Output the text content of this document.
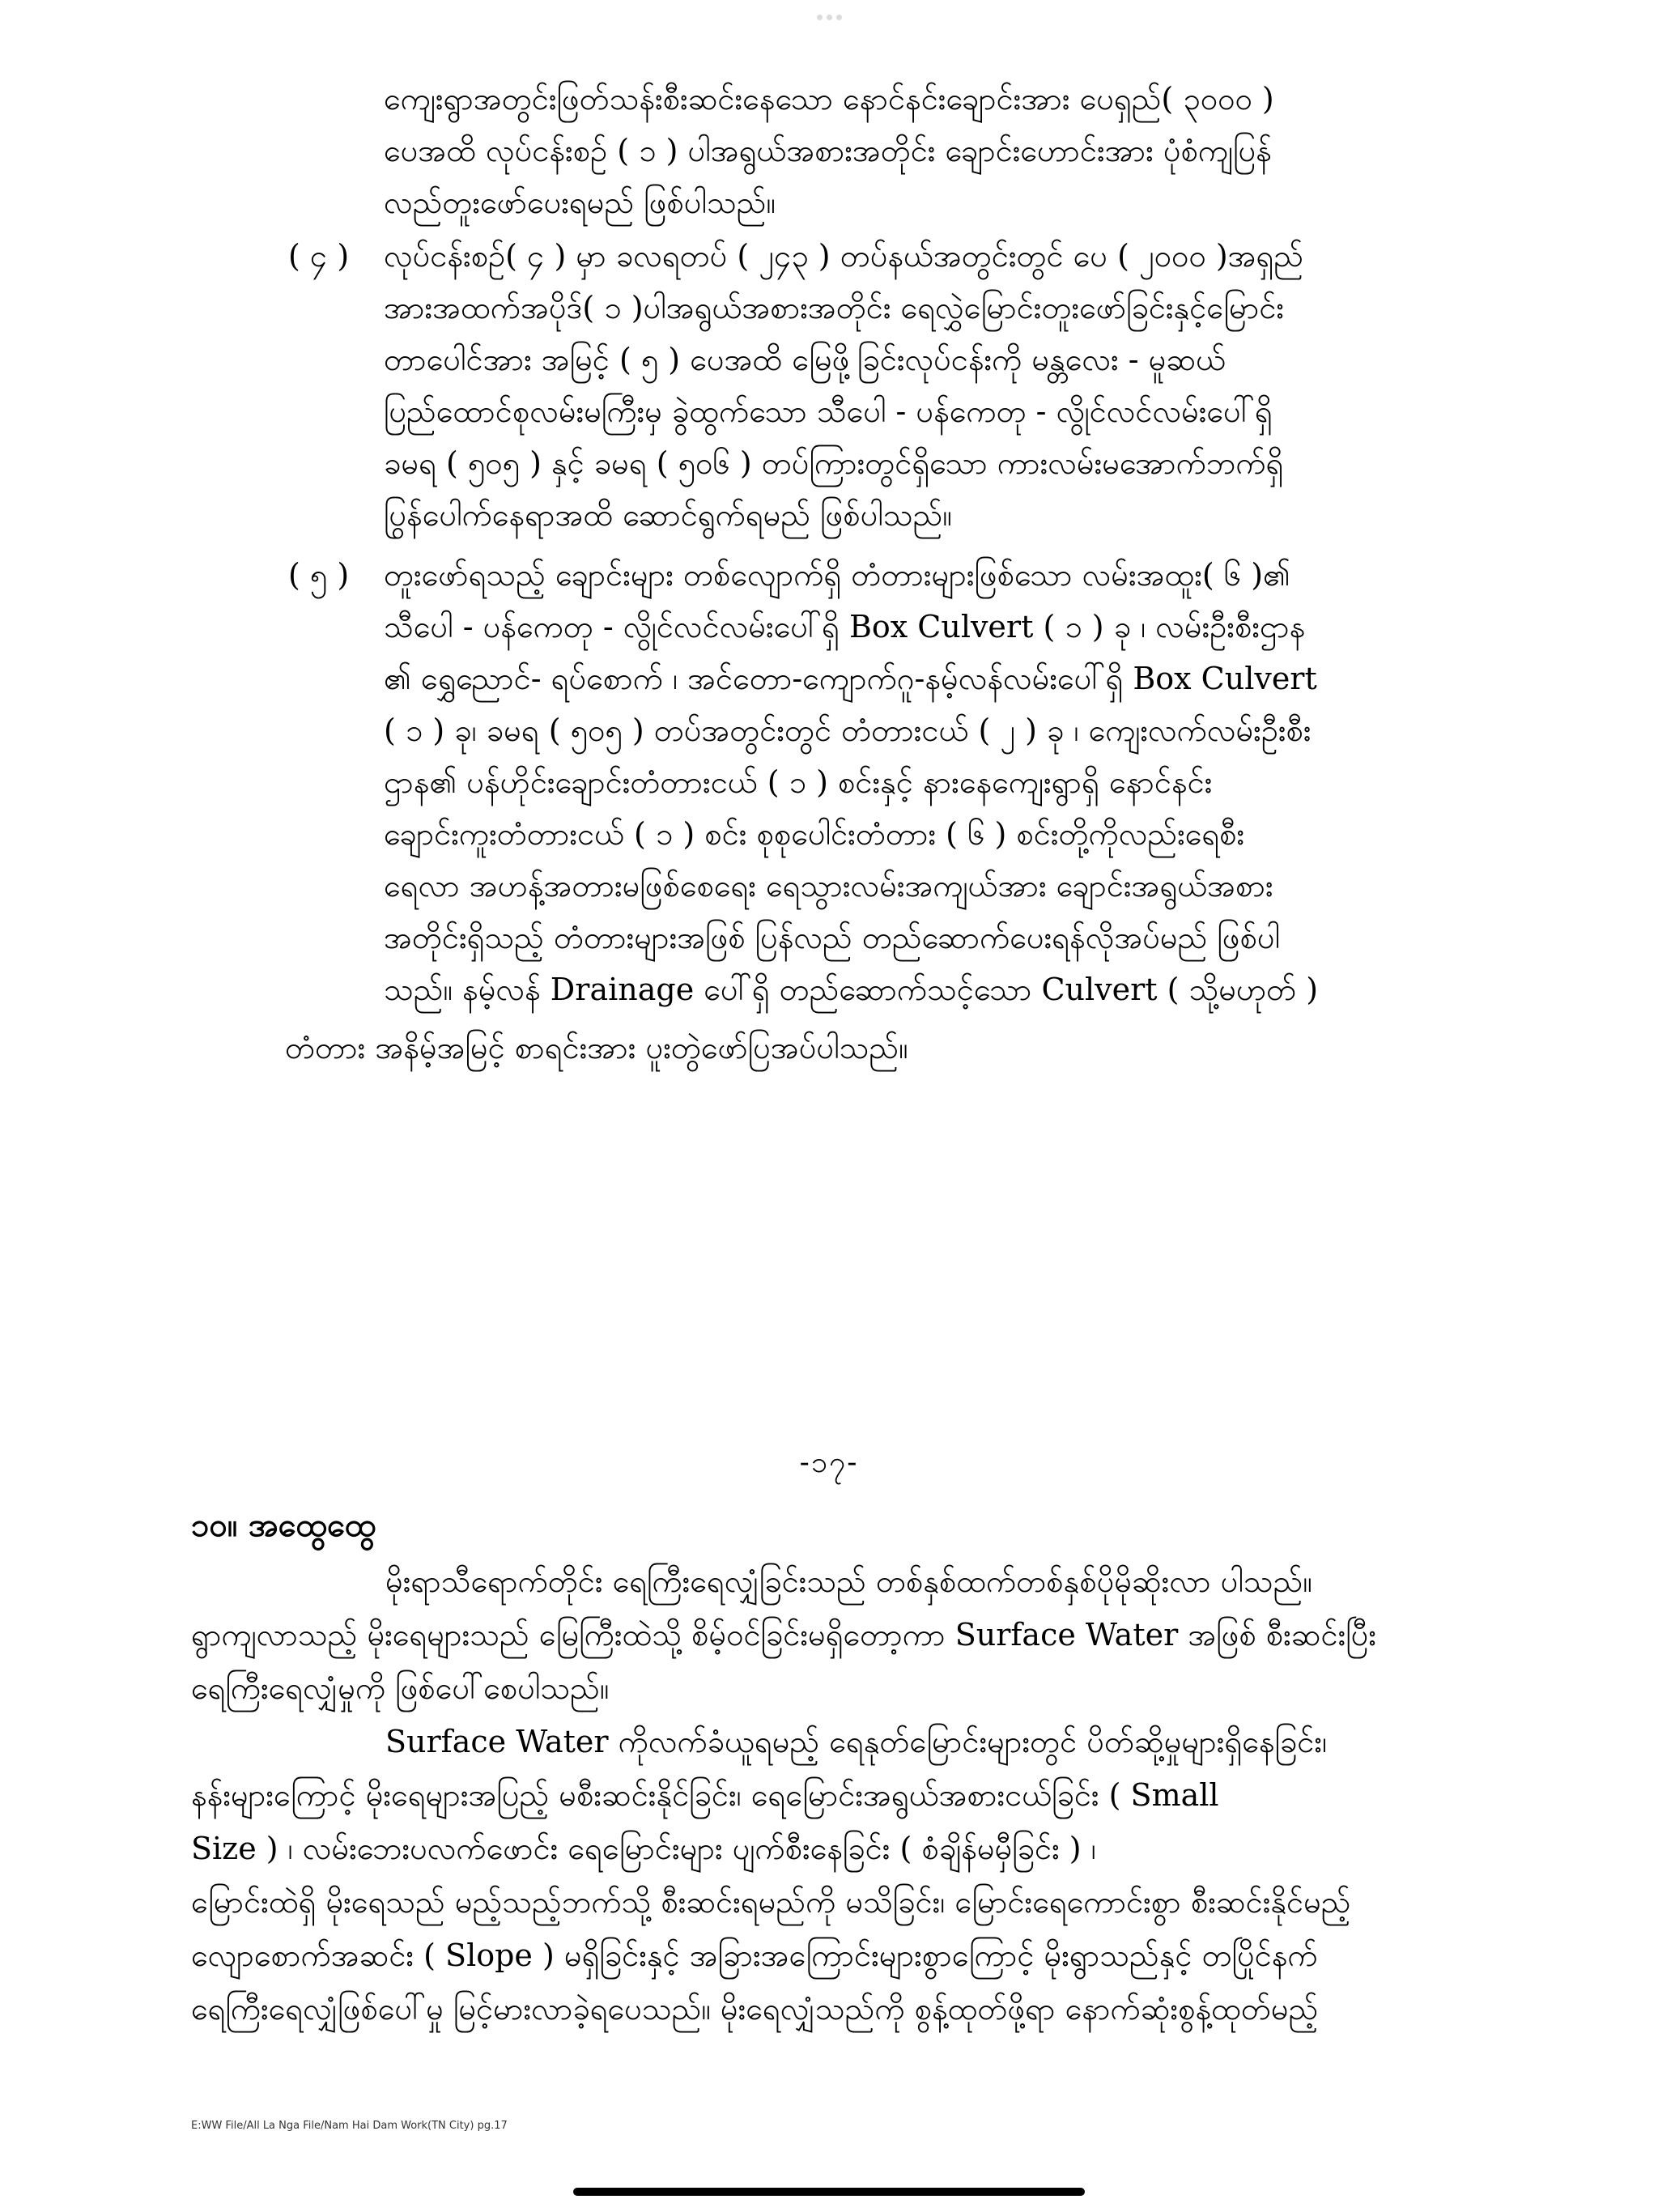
ကျေးရွာအတွင်းဖြတ်သန်းစီးဆင်းနေသော နောင်နင်းချောင်းအား ပေရှည်( ၃၀၀၀ )
ပေအထိ လုပ်ငန်းစဉ် ( ၁ ) ပါအရွယ်အစားအတိုင်း ချောင်းဟောင်းအား ပုံစံကျပြန်
လည်တူးဖော်ပေးရမည် ဖြစ်ပါသည်။
( ၄ ) လုပ်ငန်းစဉ်( ၄ ) မှာ ခလရတပ် ( ၂၄၃ ) တပ်နယ်အတွင်းတွင် ပေ ( ၂၀၀၀ )အရှည်
အားအထက်အပိုဒ်( ၁ )ပါအရွယ်အစားအတိုင်း ရေလွှဲမြောင်းတူးဖော်ခြင်းနှင့်မြောင်း
တာပေါင်အား အမြင့် ( ၅ ) ပေအထိ မြေဖို့ခြင်းလုပ်ငန်းကို မန္တလေး - မူဆယ်
ပြည်ထောင်စုလမ်းမကြီးမှ ခွဲထွက်သော သီပေါ - ပန်ကေတု - လွိုင်လင်လမ်းပေါ်ရှိ
ခမရ ( ၅၀၅ ) နှင့် ခမရ ( ၅၀၆ ) တပ်ကြားတွင်ရှိသော ကားလမ်းမအောက်ဘက်ရှိ
ပြွန်ပေါက်နေရာအထိ ဆောင်ရွက်ရမည် ဖြစ်ပါသည်။
( ၅ ) တူးဖော်ရသည့် ချောင်းများ တစ်လျောက်ရှိ တံတားများဖြစ်သော လမ်းအထူး( ၆ )၏
သီပေါ - ပန်ကေတု - လွိုင်လင်လမ်းပေါ်ရှိ Box Culvert ( ၁ ) ခု ၊ လမ်းဦးစီးဌာန
၏ ရွှေညောင်- ရပ်စောက် ၊ အင်တော-ကျောက်ဂူ-နမ့်လန်လမ်းပေါ်ရှိ Box Culvert
( ၁ ) ခု၊ ခမရ ( ၅၀၅ ) တပ်အတွင်းတွင် တံတားငယ် ( ၂ ) ခု ၊ ကျေးလက်လမ်းဦးစီး
ဌာန၏ ပန်ဟိုင်းချောင်းတံတားငယ် ( ၁ ) စင်းနှင့် နားနေကျေးရွာရှိ နောင်နင်း
ချောင်းကူးတံတားငယ် ( ၁ ) စင်း စုစုပေါင်းတံတား ( ၆ ) စင်းတို့ကိုလည်းရေစီး
ရေလာ အဟန့်အတားမဖြစ်စေရေး ရေသွားလမ်းအကျယ်အား ချောင်းအရွယ်အစား
အတိုင်းရှိသည့် တံတားများအဖြစ် ပြန်လည် တည်ဆောက်ပေးရန်လိုအပ်မည် ဖြစ်ပါ
သည်။ နမ့်လန် Drainage ပေါ်ရှိ တည်ဆောက်သင့်သော Culvert ( သို့မဟုတ် )
တံတား အနိမ့်အမြင့် စာရင်းအား ပူးတွဲဖော်ပြအပ်ပါသည်။
-၁၇-
၁၀။ အထွေထွေ
မိုးရာသီရောက်တိုင်း ရေကြီးရေလျှံခြင်းသည် တစ်နှစ်ထက်တစ်နှစ်ပိုမိုဆိုးလာ ပါသည်။
ရွာကျလာသည့် မိုးရေများသည် မြေကြီးထဲသို့ စိမ့်ဝင်ခြင်းမရှိတော့ကာ Surface Water အဖြစ် စီးဆင်းပြီး
ရေကြီးရေလျှံမှုကို ဖြစ်ပေါ်စေပါသည်။
Surface Water ကိုလက်ခံယူရမည့် ရေနုတ်မြောင်းများတွင် ပိတ်ဆို့မှုများရှိနေခြင်း၊
နန်းများကြောင့် မိုးရေများအပြည့် မစီးဆင်းနိုင်ခြင်း၊ ရေမြောင်းအရွယ်အစားငယ်ခြင်း ( Small
Size ) ၊ လမ်းဘေးပလက်ဖောင်း ရေမြောင်းများ ပျက်စီးနေခြင်း ( စံချိန်မမှီခြင်း ) ၊
မြောင်းထဲရှိ မိုးရေသည် မည့်သည့်ဘက်သို့ စီးဆင်းရမည်ကို မသိခြင်း၊ မြောင်းရေကောင်းစွာ စီးဆင်းနိုင်မည့်
လျောစောက်အဆင်း ( Slope ) မရှိခြင်းနှင့် အခြားအကြောင်းများစွာကြောင့် မိုးရွာသည်နှင့် တပြိုင်နက်
ရေကြီးရေလျှံဖြစ်ပေါ်မှု မြင့်မားလာခဲ့ရပေသည်။ မိုးရေလျှံသည်ကို စွန့်ထုတ်ဖို့ရာ နောက်ဆုံးစွန့်ထုတ်မည့်
E:WW File/All La Nga File/Nam Hai Dam Work(TN City) pg.17
